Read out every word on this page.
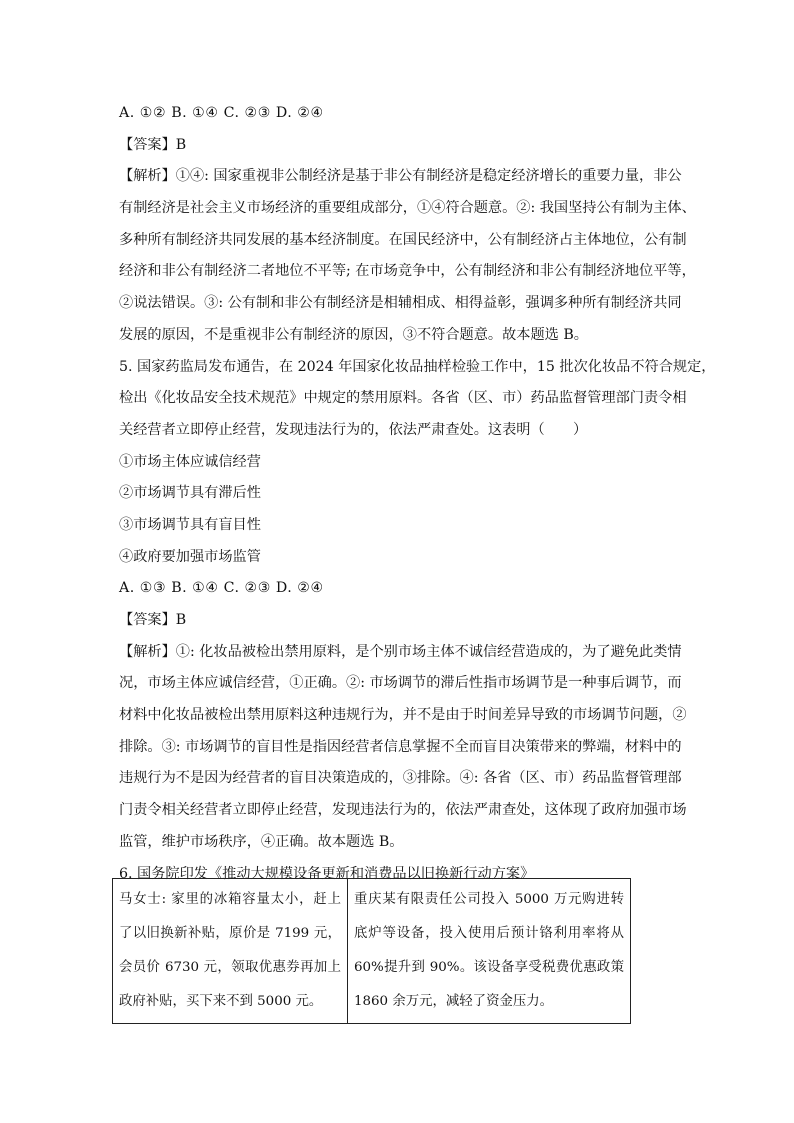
A. ①② B. ①④ C. ②③ D. ②④
【答案】B
【解析】①④: 国家重视非公制经济是基于非公有制经济是稳定经济增长的重要力量，非公
有制经济是社会主义市场经济的重要组成部分，①④符合题意。②: 我国坚持公有制为主体、
多种所有制经济共同发展的基本经济制度。在国民经济中，公有制经济占主体地位，公有制
经济和非公有制经济二者地位不平等; 在市场竞争中，公有制经济和非公有制经济地位平等，
②说法错误。③: 公有制和非公有制经济是相辅相成、相得益彰，强调多种所有制经济共同
发展的原因，不是重视非公有制经济的原因，③不符合题意。故本题选 B。
5. 国家药监局发布通告，在 2024 年国家化妆品抽样检验工作中，15 批次化妆品不符合规定，
检出《化妆品安全技术规范》中规定的禁用原料。各省（区、市）药品监督管理部门责令相
关经营者立即停止经营，发现违法行为的，依法严肃查处。这表明（　　）
①市场主体应诚信经营
②市场调节具有滞后性
③市场调节具有盲目性
④政府要加强市场监管
A. ①③ B. ①④ C. ②③ D. ②④
【答案】B
【解析】①: 化妆品被检出禁用原料，是个别市场主体不诚信经营造成的，为了避免此类情
况，市场主体应诚信经营，①正确。②: 市场调节的滞后性指市场调节是一种事后调节，而
材料中化妆品被检出禁用原料这种违规行为，并不是由于时间差异导致的市场调节问题，②
排除。③: 市场调节的盲目性是指因经营者信息掌握不全而盲目决策带来的弊端，材料中的
违规行为不是因为经营者的盲目决策造成的，③排除。④: 各省（区、市）药品监督管理部
门责令相关经营者立即停止经营，发现违法行为的，依法严肃查处，这体现了政府加强市场
监管，维护市场秩序，④正确。故本题选 B。
6. 国务院印发《推动大规模设备更新和消费品以旧换新行动方案》
马女士: 家里的冰箱容量太小，赶上
了以旧换新补贴，原价是 7199 元，
会员价 6730 元，领取优惠券再加上
政府补贴，买下来不到 5000 元。

重庆某有限责任公司投入 5000 万元购进转
底炉等设备，投入使用后预计铬利用率将从
60%提升到 90%。该设备享受税费优惠政策
1860 余万元，减轻了资金压力。
